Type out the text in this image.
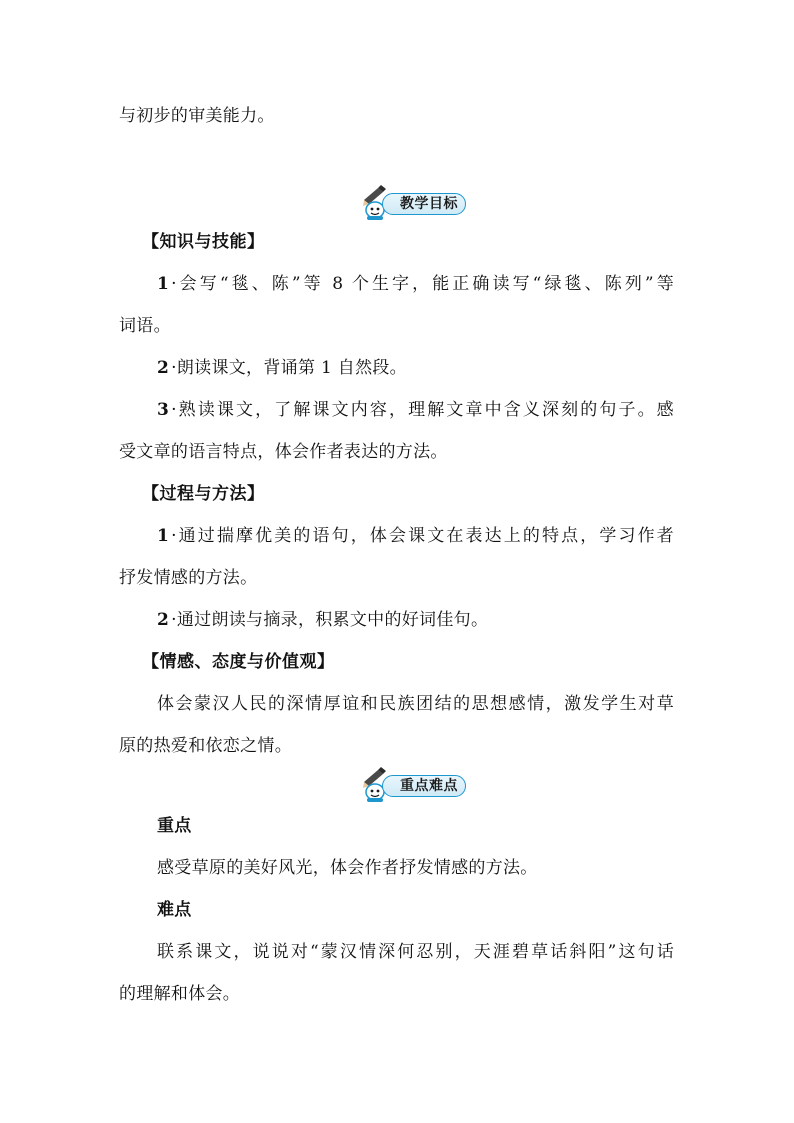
与初步的审美能力。
教学目标
【知识与技能】
1 ·会写“毯、陈”等 8 个生字，能正确读写“绿毯、陈列”等
词语。
2 ·朗读课文，背诵第 1 自然段。
3 ·熟读课文，了解课文内容，理解文章中含义深刻的句子。感
受文章的语言特点，体会作者表达的方法。
【过程与方法】
1 ·通过揣摩优美的语句，体会课文在表达上的特点，学习作者
抒发情感的方法。
2 ·通过朗读与摘录，积累文中的好词佳句。
【情感、态度与价值观】
体会蒙汉人民的深情厚谊和民族团结的思想感情，激发学生对草
原的热爱和依恋之情。
重点难点
重点
感受草原的美好风光，体会作者抒发情感的方法。
难点
联系课文，说说对“蒙汉情深何忍别，天涯碧草话斜阳”这句话
的理解和体会。
